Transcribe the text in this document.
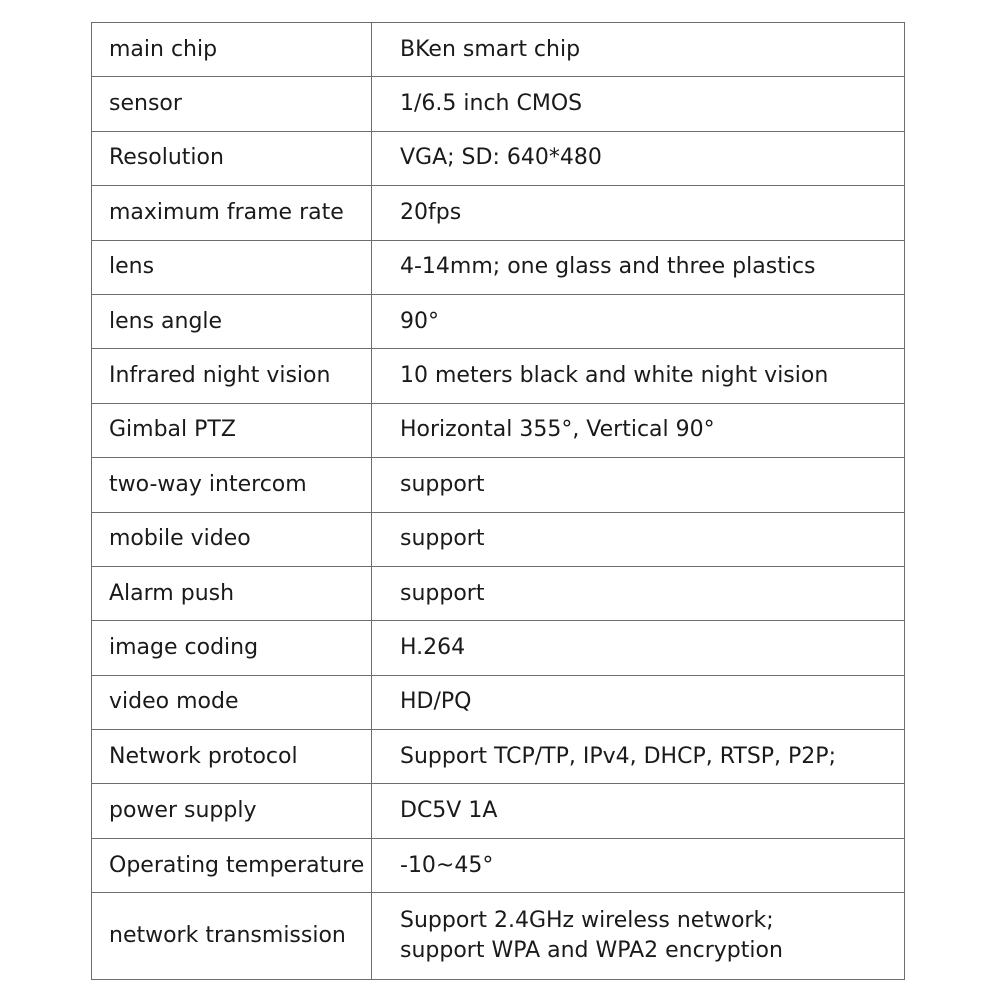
main chip	BKen smart chip
sensor	1/6.5 inch CMOS
Resolution	VGA; SD: 640*480
maximum frame rate	20fps
lens	4-14mm; one glass and three plastics
lens angle	90°
Infrared night vision	10 meters black and white night vision
Gimbal PTZ	Horizontal 355°, Vertical 90°
two-way intercom	support
mobile video	support
Alarm push	support
image coding	H.264
video mode	HD/PQ
Network protocol	Support TCP/TP, IPv4, DHCP, RTSP, P2P;
power supply	DC5V 1A
Operating temperature	-10~45°
network transmission	Support 2.4GHz wireless network;
support WPA and WPA2 encryption
